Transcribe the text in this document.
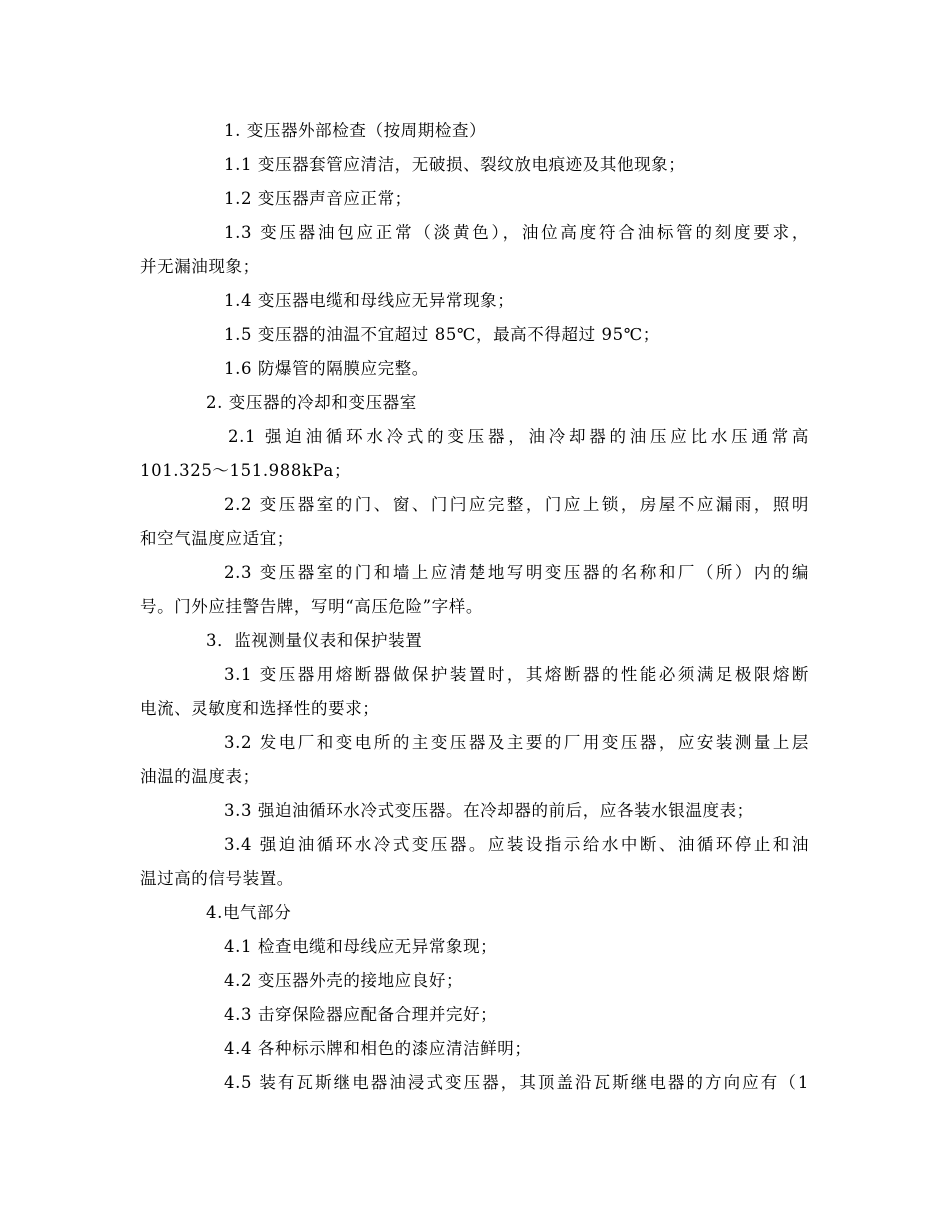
1. 变压器外部检查（按周期检查）
1.1 变压器套管应清洁，无破损、裂纹放电痕迹及其他现象；
1.2 变压器声音应正常；
1.3 变压器油包应正常（淡黄色），油位高度符合油标管的刻度要求，
并无漏油现象；
1.4 变压器电缆和母线应无异常现象；
1.5 变压器的油温不宜超过 85℃，最高不得超过 95℃；
1.6 防爆管的隔膜应完整。
2. 变压器的冷却和变压器室
2.1 强迫油循环水冷式的变压器，油冷却器的油压应比水压通常高
101.325～151.988kPa；
2.2 变压器室的门、窗、门闩应完整，门应上锁，房屋不应漏雨，照明
和空气温度应适宜；
2.3 变压器室的门和墙上应清楚地写明变压器的名称和厂（所）内的编
号。门外应挂警告牌，写明“高压危险”字样。
3．监视测量仪表和保护装置
3.1 变压器用熔断器做保护装置时，其熔断器的性能必须满足极限熔断
电流、灵敏度和选择性的要求；
3.2 发电厂和变电所的主变压器及主要的厂用变压器，应安装测量上层
油温的温度表；
3.3 强迫油循环水冷式变压器。在冷却器的前后，应各装水银温度表；
3.4 强迫油循环水冷式变压器。应装设指示给水中断、油循环停止和油
温过高的信号装置。
4.电气部分
4.1 检查电缆和母线应无异常象现；
4.2 变压器外壳的接地应良好；
4.3 击穿保险器应配备合理并完好；
4.4 各种标示牌和相色的漆应清洁鲜明；
4.5 装有瓦斯继电器油浸式变压器，其顶盖沿瓦斯继电器的方向应有（1
